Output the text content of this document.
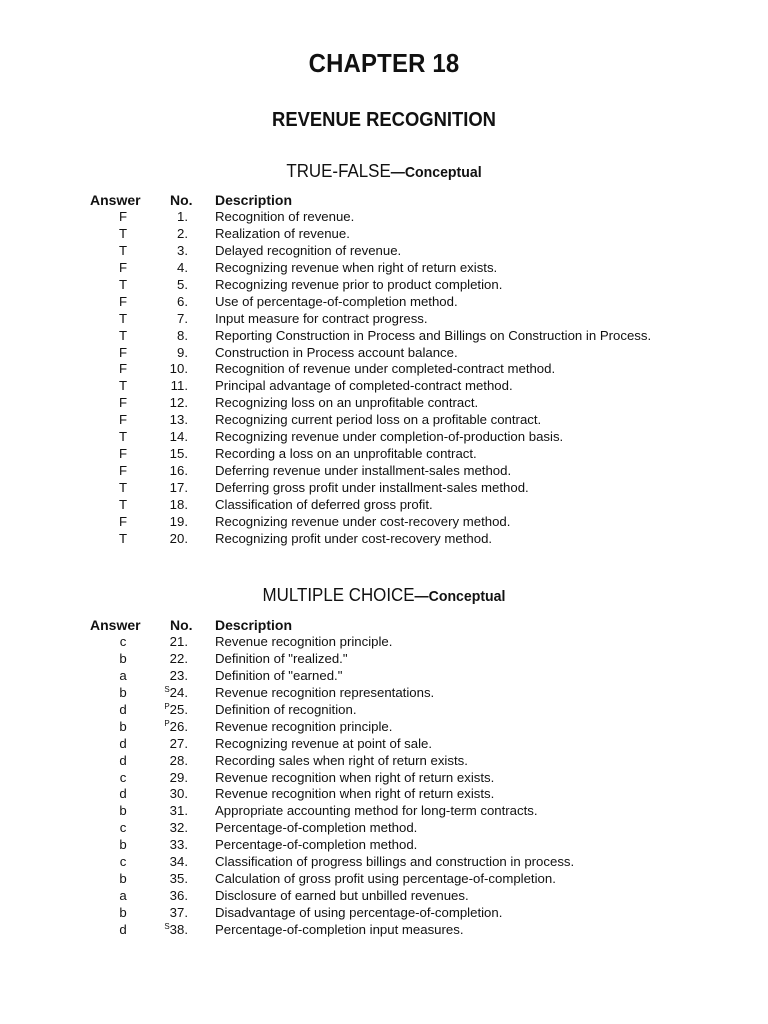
CHAPTER 18
REVENUE RECOGNITION
TRUE-FALSE—Conceptual
Answer No. Description
F	1. Recognition of revenue.
T	2. Realization of revenue.
T	3. Delayed recognition of revenue.
F	4. Recognizing revenue when right of return exists.
T	5. Recognizing revenue prior to product completion.
F	6. Use of percentage-of-completion method.
T	7. Input measure for contract progress.
T	8. Reporting Construction in Process and Billings on Construction in Process.
F	9. Construction in Process account balance.
F	10. Recognition of revenue under completed-contract method.
T	11. Principal advantage of completed-contract method.
F	12. Recognizing loss on an unprofitable contract.
F	13. Recognizing current period loss on a profitable contract.
T	14. Recognizing revenue under completion-of-production basis.
F	15. Recording a loss on an unprofitable contract.
F	16. Deferring revenue under installment-sales method.
T	17. Deferring gross profit under installment-sales method.
T	18. Classification of deferred gross profit.
F	19. Recognizing revenue under cost-recovery method.
T	20. Recognizing profit under cost-recovery method.
MULTIPLE CHOICE—Conceptual
Answer No. Description
c	21. Revenue recognition principle.
b	22. Definition of "realized."
a	23. Definition of "earned."
b	$^S$24. Revenue recognition representations.
d	$^P$25. Definition of recognition.
b	$^P$26. Revenue recognition principle.
d	27. Recognizing revenue at point of sale.
d	28. Recording sales when right of return exists.
c	29. Revenue recognition when right of return exists.
d	30. Revenue recognition when right of return exists.
b	31. Appropriate accounting method for long-term contracts.
c	32. Percentage-of-completion method.
b	33. Percentage-of-completion method.
c	34. Classification of progress billings and construction in process.
b	35. Calculation of gross profit using percentage-of-completion.
a	36. Disclosure of earned but unbilled revenues.
b	37. Disadvantage of using percentage-of-completion.
d	$^S$38. Percentage-of-completion input measures.
